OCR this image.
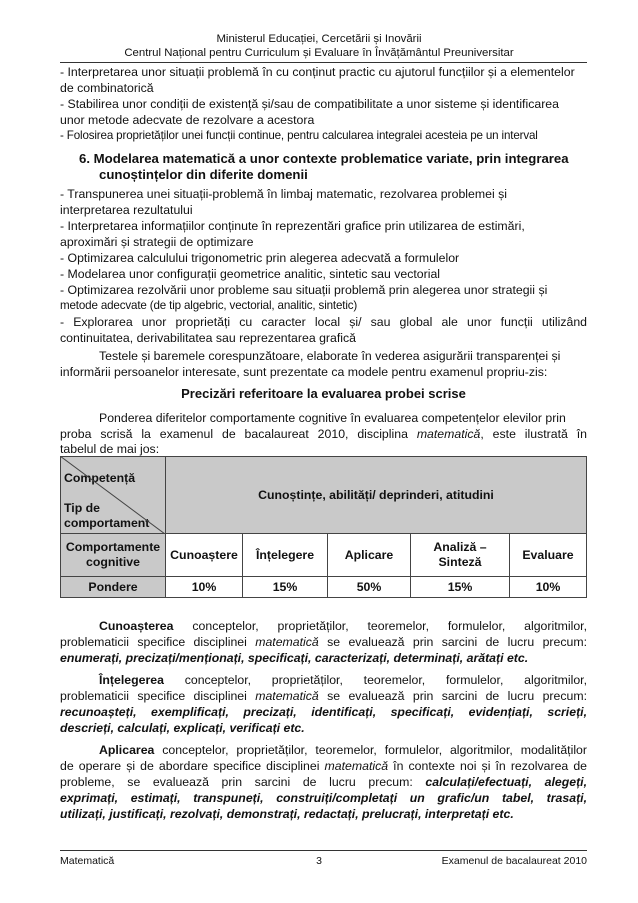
Ministerul Educației, Cercetării și Inovării
Centrul Național pentru Curriculum și Evaluare în Învățământul Preuniversitar
- Interpretarea unor situații problemă în cu conținut practic cu ajutorul funcțiilor și a elementelor
de combinatorică
- Stabilirea unor condiții de existență și/sau de compatibilitate a unor sisteme și identificarea
unor metode adecvate de rezolvare a acestora
- Folosirea proprietăților unei funcții continue, pentru calcularea integralei acesteia pe un interval
6. Modelarea matematică a unor contexte problematice variate, prin integrarea
cunoștințelor din diferite domenii
- Transpunerea unei situații-problemă în limbaj matematic, rezolvarea problemei și
interpretarea rezultatului
- Interpretarea informațiilor conținute în reprezentări grafice prin utilizarea de estimări,
aproximări și strategii de optimizare
- Optimizarea calculului trigonometric prin alegerea adecvată a formulelor
- Modelarea unor configurații geometrice analitic, sintetic sau vectorial
- Optimizarea rezolvării unor probleme sau situații problemă prin alegerea unor strategii și
metode adecvate (de tip algebric, vectorial, analitic, sintetic)
- Explorarea unor proprietăți cu caracter local și/ sau global ale unor funcții utilizând
continuitatea, derivabilitatea sau reprezentarea grafică
Testele și baremele corespunzătoare, elaborate în vederea asigurării transparenței și
informării persoanelor interesate, sunt prezentate ca modele pentru examenul propriu-zis:
Precizări referitoare la evaluarea probei scrise
Ponderea diferitelor comportamente cognitive în evaluarea competențelor elevilor prin
proba scrisă la examenul de bacalaureat 2010, disciplina matematică, este ilustrată în
tabelul de mai jos:
Competență
Tip de
comportament	Cunoștințe, abilități/ deprinderi, atitudini				
Comportamente cognitive	Cunoaștere	Înțelegere	Aplicare	Analiză – Sinteză	Evaluare
Pondere	10%	15%	50%	15%	10%
Cunoașterea conceptelor, proprietăților, teoremelor, formulelor, algoritmilor,
problematicii specifice disciplinei matematică se evaluează prin sarcini de lucru precum:
enumerați, precizați/menționați, specificați, caracterizați, determinați, arătați etc.
Înțelegerea conceptelor, proprietăților, teoremelor, formulelor, algoritmilor,
problematicii specifice disciplinei matematică se evaluează prin sarcini de lucru precum:
recunoașteți, exemplificați, precizați, identificați, specificați, evidențiați, scrieți,
descrieți, calculați, explicați, verificați etc.
Aplicarea conceptelor, proprietăților, teoremelor, formulelor, algoritmilor, modalităților
de operare și de abordare specifice disciplinei matematică în contexte noi și în rezolvarea de
probleme, se evaluează prin sarcini de lucru precum: calculați/efectuați, alegeți,
exprimați, estimați, transpuneți, construiți/completați un grafic/un tabel, trasați,
utilizați, justificați, rezolvați, demonstrați, redactați, prelucrați, interpretați etc.
Matematică	3	Examenul de bacalaureat 2010
